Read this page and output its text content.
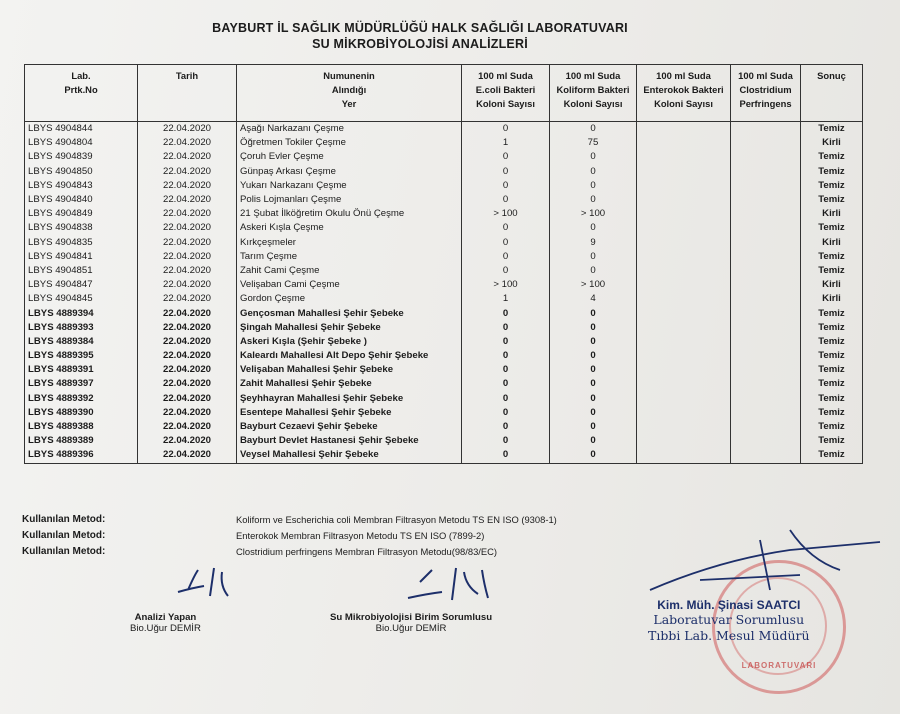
BAYBURT İL SAĞLIK MÜDÜRLÜĞÜ HALK SAĞLIĞI LABORATUVARI
SU MİKROBİYOLOJİSİ ANALİZLERİ
Lab.
Prtk.No	Tarih	Numunenin
Alındığı
Yer	100 ml Suda
E.coli Bakteri
Koloni Sayısı	100 ml Suda
Koliform Bakteri
Koloni Sayısı	100 ml Suda
Enterokok Bakteri
Koloni Sayısı	100 ml Suda
Clostridium
Perfringens	Sonuç

LBYS 4904844	22.04.2020	Aşağı Narkazanı Çeşme	0	0			Temiz
LBYS 4904804	22.04.2020	Öğretmen Tokiler Çeşme	1	75			Kirli
LBYS 4904839	22.04.2020	Çoruh Evler Çeşme	0	0			Temiz
LBYS 4904850	22.04.2020	Günpaş Arkası Çeşme	0	0			Temiz
LBYS 4904843	22.04.2020	Yukarı Narkazanı Çeşme	0	0			Temiz
LBYS 4904840	22.04.2020	Polis Lojmanları Çeşme	0	0			Temiz
LBYS 4904849	22.04.2020	21 Şubat İlköğretim Okulu Önü Çeşme	> 100	> 100			Kirli
LBYS 4904838	22.04.2020	Askeri Kışla Çeşme	0	0			Temiz
LBYS 4904835	22.04.2020	Kırkçeşmeler	0	9			Kirli
LBYS 4904841	22.04.2020	Tarım Çeşme	0	0			Temiz
LBYS 4904851	22.04.2020	Zahit Cami Çeşme	0	0			Temiz
LBYS 4904847	22.04.2020	Velişaban Cami Çeşme	> 100	> 100			Kirli
LBYS 4904845	22.04.2020	Gordon Çeşme	1	4			Kirli
LBYS 4889394	22.04.2020	Gençosman Mahallesi Şehir Şebeke	0	0			Temiz
LBYS 4889393	22.04.2020	Şingah Mahallesi Şehir Şebeke	0	0			Temiz
LBYS 4889384	22.04.2020	Askeri Kışla (Şehir Şebeke )	0	0			Temiz
LBYS 4889395	22.04.2020	Kaleardı Mahallesi Alt Depo Şehir Şebeke	0	0			Temiz
LBYS 4889391	22.04.2020	Velişaban Mahallesi Şehir Şebeke	0	0			Temiz
LBYS 4889397	22.04.2020	Zahit Mahallesi Şehir Şebeke	0	0			Temiz
LBYS 4889392	22.04.2020	Şeyhhayran Mahallesi Şehir Şebeke	0	0			Temiz
LBYS 4889390	22.04.2020	Esentepe Mahallesi Şehir Şebeke	0	0			Temiz
LBYS 4889388	22.04.2020	Bayburt Cezaevi Şehir Şebeke	0	0			Temiz
LBYS 4889389	22.04.2020	Bayburt Devlet Hastanesi Şehir Şebeke	0	0			Temiz
LBYS 4889396	22.04.2020	Veysel Mahallesi Şehir Şebeke	0	0			Temiz
Kullanılan Metod:	Koliform ve Escherichia coli Membran Filtrasyon Metodu TS EN ISO (9308-1)
Kullanılan Metod:	Enterokok Membran Filtrasyon Metodu TS EN ISO (7899-2)
Kullanılan Metod:	Clostridium perfringens Membran Filtrasyon Metodu(98/83/EC)
Analizi Yapan
Bio.Uğur DEMİR
Su Mikrobiyolojisi Birim Sorumlusu
Bio.Uğur DEMİR
LABORATUVARI
Kim. Müh. Şinasi SAATCI
Laboratuvar Sorumlusu
Tıbbi Lab. Mesul Müdürü
